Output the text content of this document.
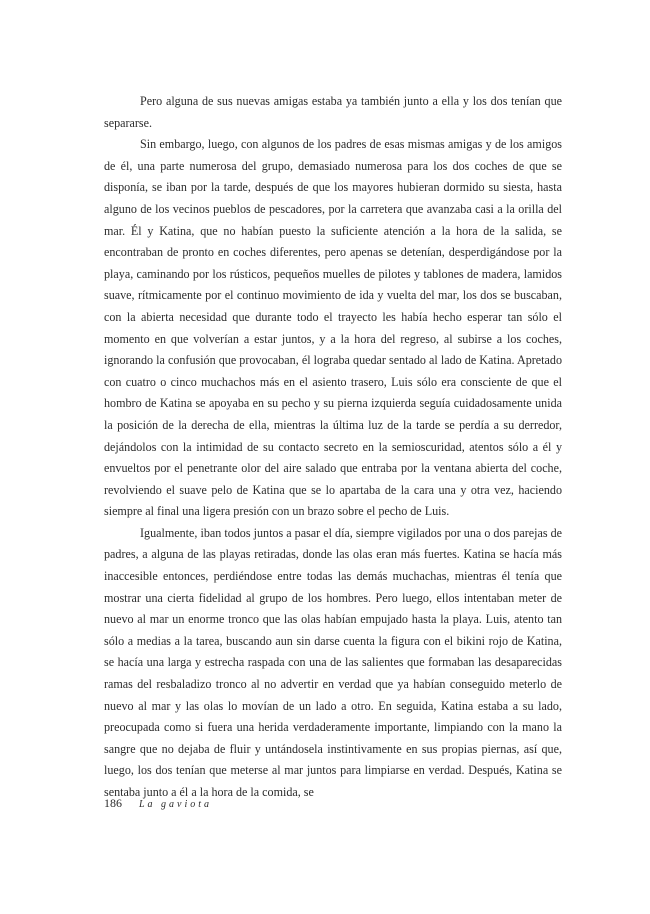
Pero alguna de sus nuevas amigas estaba ya también junto a ella y los dos tenían que separarse.

Sin embargo, luego, con algunos de los padres de esas mismas amigas y de los amigos de él, una parte numerosa del grupo, demasiado numerosa para los dos coches de que se disponía, se iban por la tarde, después de que los mayores hubieran dormido su siesta, hasta alguno de los vecinos pueblos de pescadores, por la carretera que avanzaba casi a la orilla del mar. Él y Katina, que no habían puesto la suficiente atención a la hora de la salida, se encontraban de pronto en coches diferentes, pero apenas se detenían, desperdigándose por la playa, caminando por los rústicos, pequeños muelles de pilotes y tablones de madera, lamidos suave, rítmicamente por el continuo movimiento de ida y vuelta del mar, los dos se buscaban, con la abierta necesidad que durante todo el trayecto les había hecho esperar tan sólo el momento en que volverían a estar juntos, y a la hora del regreso, al subirse a los coches, ignorando la confusión que provocaban, él lograba quedar sentado al lado de Katina. Apretado con cuatro o cinco muchachos más en el asiento trasero, Luis sólo era consciente de que el hombro de Katina se apoyaba en su pecho y su pierna izquierda seguía cuidadosamente unida la posición de la derecha de ella, mientras la última luz de la tarde se perdía a su derredor, dejándolos con la intimidad de su contacto secreto en la semioscuridad, atentos sólo a él y envueltos por el penetrante olor del aire salado que entraba por la ventana abierta del coche, revolviendo el suave pelo de Katina que se lo apartaba de la cara una y otra vez, haciendo siempre al final una ligera presión con un brazo sobre el pecho de Luis.

Igualmente, iban todos juntos a pasar el día, siempre vigilados por una o dos parejas de padres, a alguna de las playas retiradas, donde las olas eran más fuertes. Katina se hacía más inaccesible entonces, perdiéndose entre todas las demás muchachas, mientras él tenía que mostrar una cierta fidelidad al grupo de los hombres. Pero luego, ellos intentaban meter de nuevo al mar un enorme tronco que las olas habían empujado hasta la playa. Luis, atento tan sólo a medias a la tarea, buscando aun sin darse cuenta la figura con el bikini rojo de Katina, se hacía una larga y estrecha raspada con una de las salientes que formaban las desaparecidas ramas del resbaladizo tronco al no advertir en verdad que ya habían conseguido meterlo de nuevo al mar y las olas lo movían de un lado a otro. En seguida, Katina estaba a su lado, preocupada como si fuera una herida verdaderamente importante, limpiando con la mano la sangre que no dejaba de fluir y untándosela instintivamente en sus propias piernas, así que, luego, los dos tenían que meterse al mar juntos para limpiarse en verdad. Después, Katina se sentaba junto a él a la hora de la comida, se

186 La gaviota
